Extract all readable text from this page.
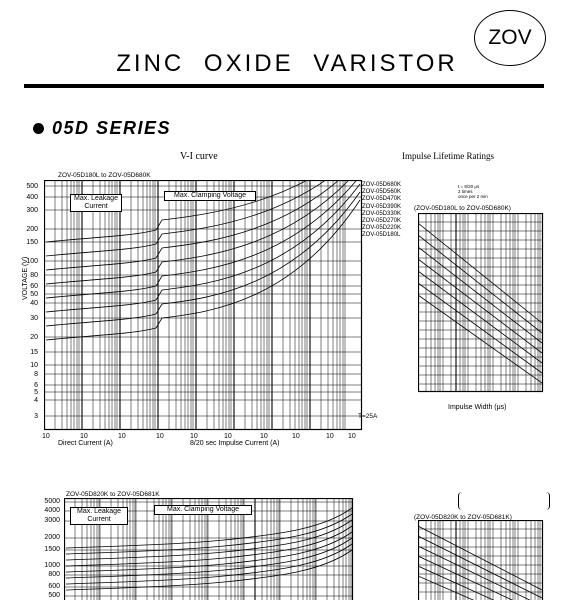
ZOV
ZINC OXIDE VARISTOR
05D SERIES
V-I curve
ZOV-05D180L to ZOV-05D680K
500
400
300
200
150
100
80
60
50
40
30
20
15
10
8
6
5
4
3
VOLTAGE (V)
Max. Leakage Current
Max. Clamping Voltage
ZOV-05D680K
ZOV-05D560K
ZOV-05D470K
ZOV-05D390K
ZOV-05D330K
ZOV-05D270K
ZOV-05D220K
ZOV-05D180L
10	10	10	10	10	10	10	10	10 10
Direct Current (A)	8/20 sec Impulse Current (A)
T=25A
Impulse Lifetime Ratings
t = 8/20 μs
2 times
once per 2 min
(ZOV-05D180L to ZOV-05D680K)
Impulse Width (μs)
ZOV-05D820K to ZOV-05D681K
5000
4000
3000
2000
1500
1000
800
600
500
Max. Leakage Current
Max. Clamping Voltage
(ZOV-05D820K to ZOV-05D681K)
